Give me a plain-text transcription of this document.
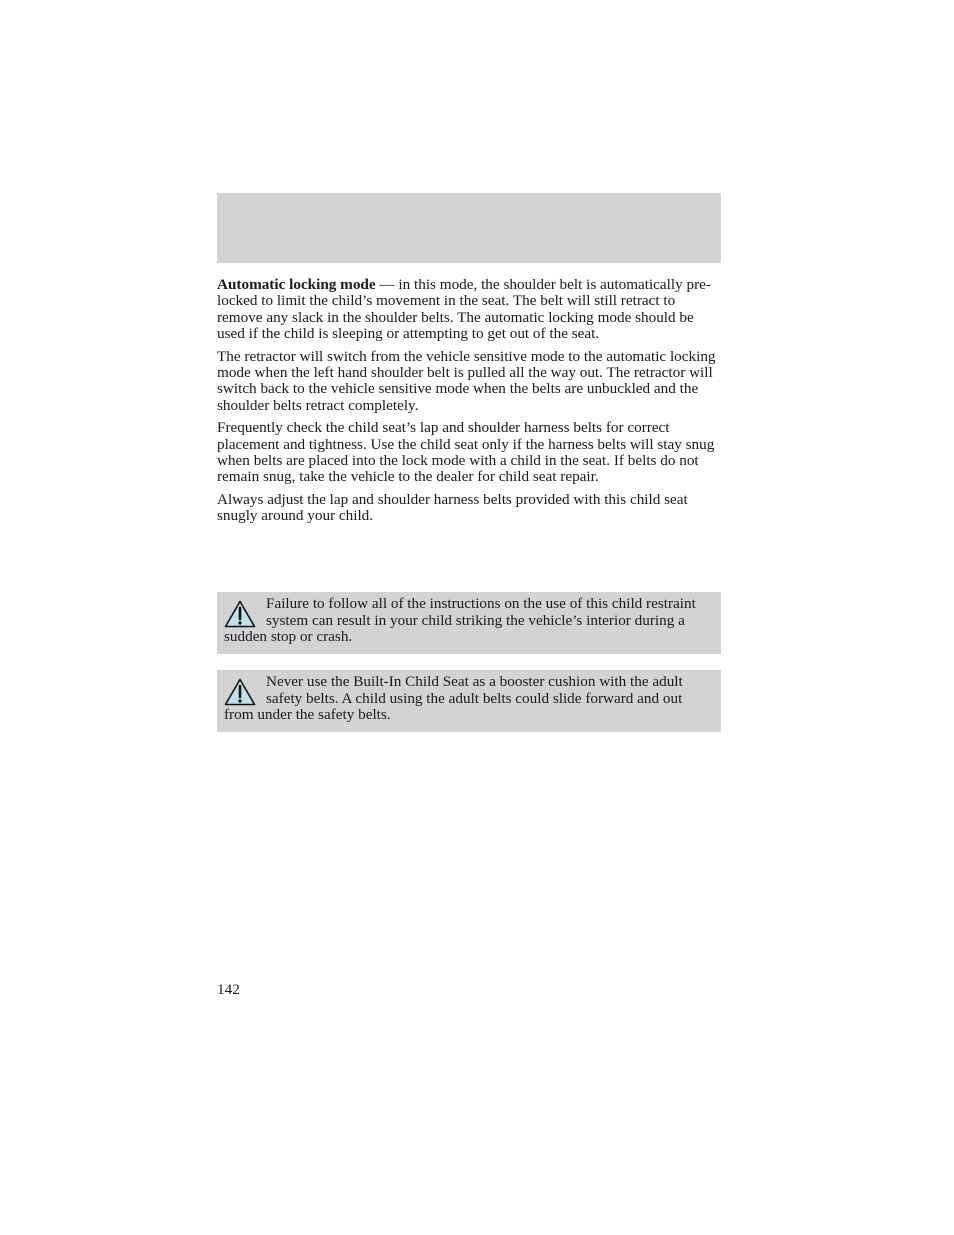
Automatic locking mode — in this mode, the shoulder belt is automatically pre-locked to limit the child’s movement in the seat. The belt will still retract to remove any slack in the shoulder belts. The automatic locking mode should be used if the child is sleeping or attempting to get out of the seat.

The retractor will switch from the vehicle sensitive mode to the automatic locking mode when the left hand shoulder belt is pulled all the way out. The retractor will switch back to the vehicle sensitive mode when the belts are unbuckled and the shoulder belts retract completely.

Frequently check the child seat’s lap and shoulder harness belts for correct placement and tightness. Use the child seat only if the harness belts will stay snug when belts are placed into the lock mode with a child in the seat. If belts do not remain snug, take the vehicle to the dealer for child seat repair.

Always adjust the lap and shoulder harness belts provided with this child seat snugly around your child.

Failure to follow all of the instructions on the use of this child restraint system can result in your child striking the vehicle’s interior during a sudden stop or crash.
Never use the Built-In Child Seat as a booster cushion with the adult safety belts. A child using the adult belts could slide forward and out from under the safety belts.
142
